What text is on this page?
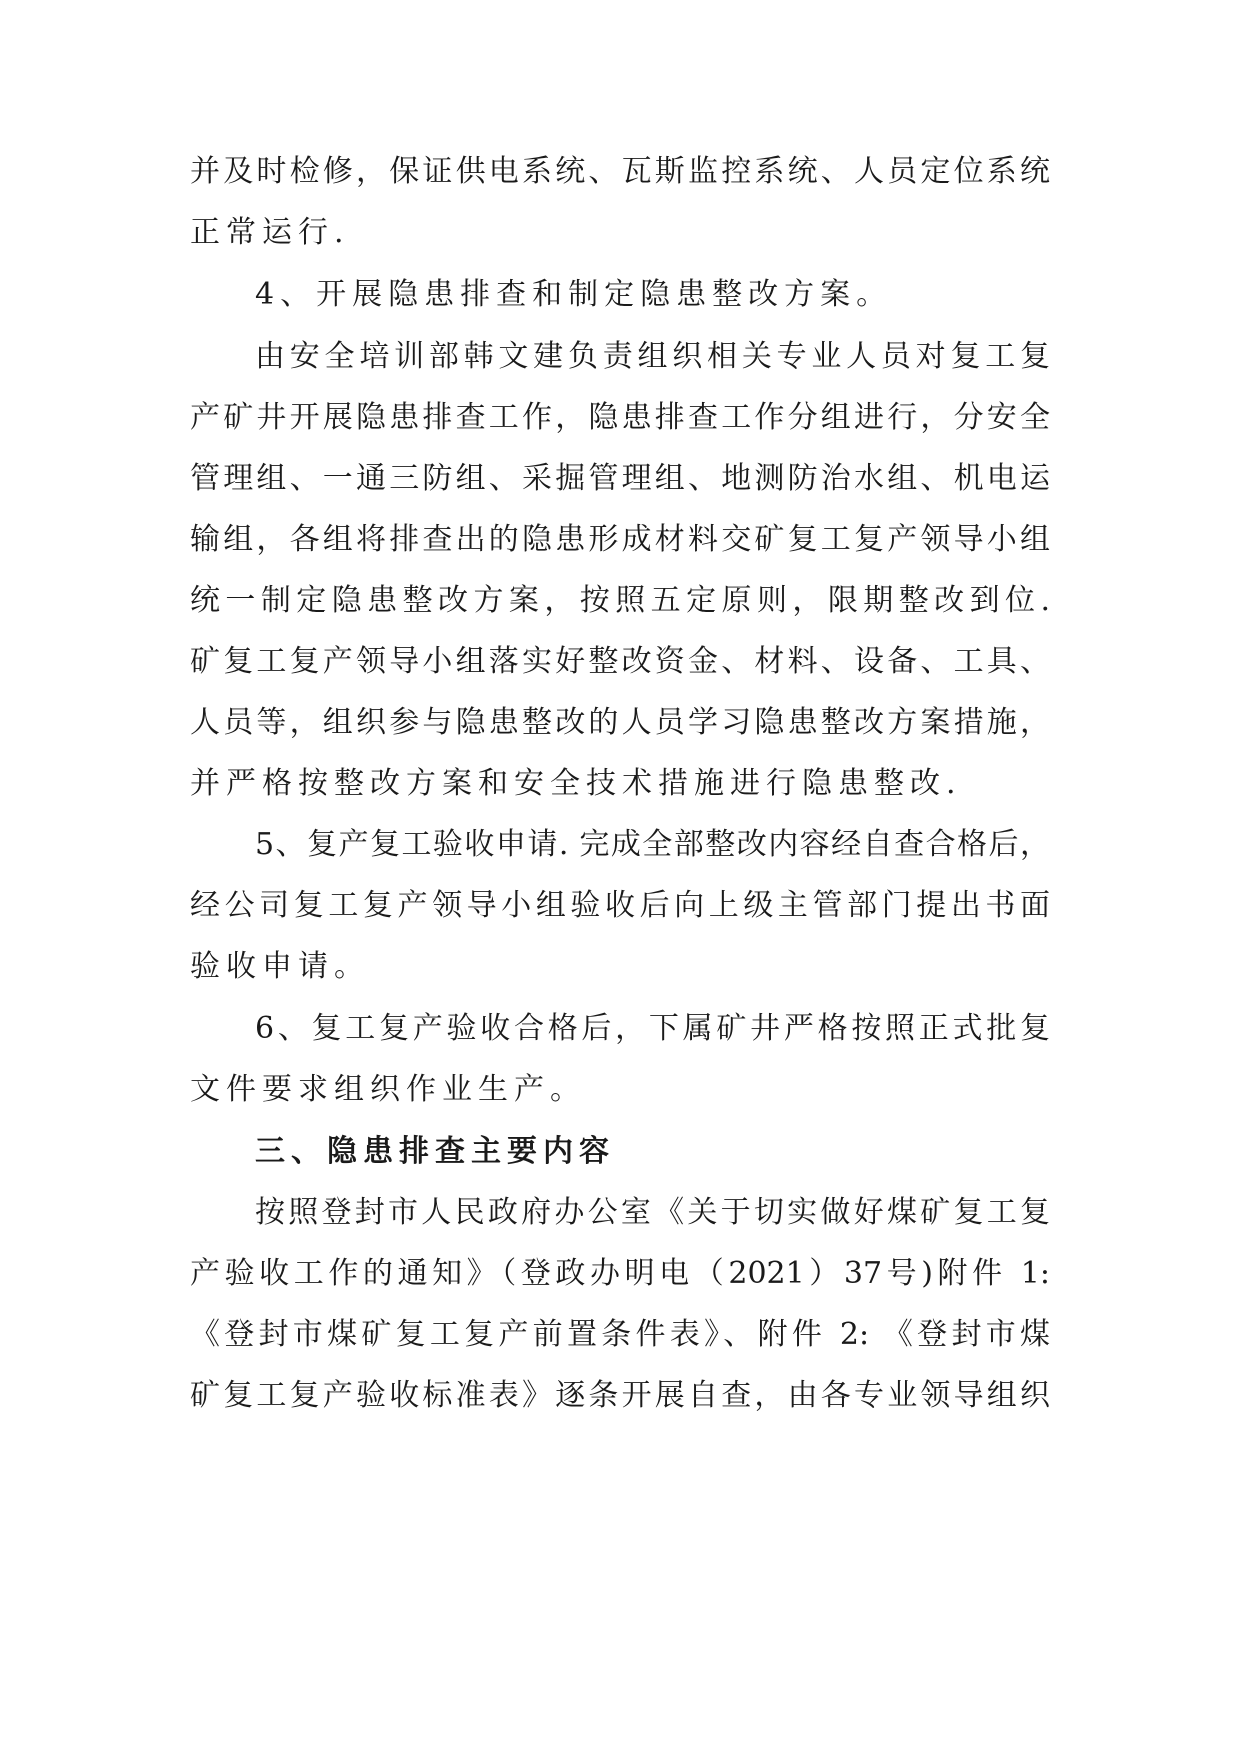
并及时检修，保证供电系统、瓦斯监控系统、人员定位系统
正常运行.
4、开展隐患排查和制定隐患整改方案。
由安全培训部韩文建负责组织相关专业人员对复工复
产矿井开展隐患排查工作，隐患排查工作分组进行，分安全
管理组、一通三防组、采掘管理组、地测防治水组、机电运
输组，各组将排查出的隐患形成材料交矿复工复产领导小组
统一制定隐患整改方案，按照五定原则，限期整改到位.
矿复工复产领导小组落实好整改资金、材料、设备、工具、
人员等，组织参与隐患整改的人员学习隐患整改方案措施，
并严格按整改方案和安全技术措施进行隐患整改.
5、复产复工验收申请. 完成全部整改内容经自查合格后，
经公司复工复产领导小组验收后向上级主管部门提出书面
验收申请。
6、复工复产验收合格后，下属矿井严格按照正式批复
文件要求组织作业生产。
三、隐患排查主要内容
按照登封市人民政府办公室《关于切实做好煤矿复工复
产验收工作的通知》（登政办明电（2021）37号)附件 1:
《登封市煤矿复工复产前置条件表》、附件 2: 《登封市煤
矿复工复产验收标准表》逐条开展自查，由各专业领导组织
